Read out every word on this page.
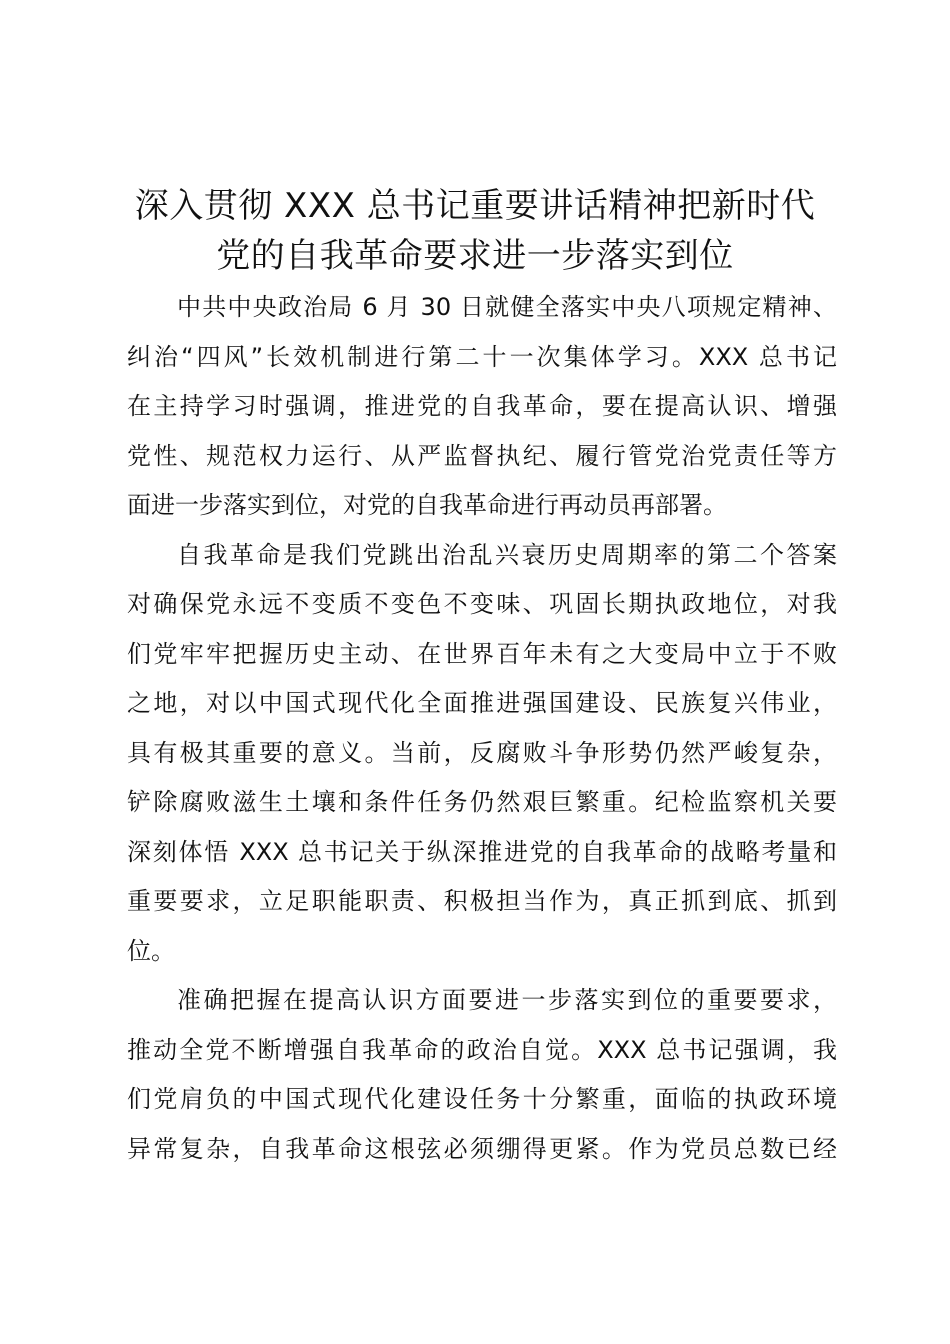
深入贯彻 XXX 总书记重要讲话精神把新时代
党的自我革命要求进一步落实到位

中共中央政治局 6 月 30 日就健全落实中央八项规定精神、
纠治“四风”长效机制进行第二十一次集体学习。XXX 总书记
在主持学习时强调，推进党的自我革命，要在提高认识、增强
党性、规范权力运行、从严监督执纪、履行管党治党责任等方
面进一步落实到位，对党的自我革命进行再动员再部署。

自我革命是我们党跳出治乱兴衰历史周期率的第二个答案
对确保党永远不变质不变色不变味、巩固长期执政地位，对我
们党牢牢把握历史主动、在世界百年未有之大变局中立于不败
之地，对以中国式现代化全面推进强国建设、民族复兴伟业，
具有极其重要的意义。当前，反腐败斗争形势仍然严峻复杂，
铲除腐败滋生土壤和条件任务仍然艰巨繁重。纪检监察机关要
深刻体悟 XXX 总书记关于纵深推进党的自我革命的战略考量和
重要要求，立足职能职责、积极担当作为，真正抓到底、抓到
位。

准确把握在提高认识方面要进一步落实到位的重要要求，
推动全党不断增强自我革命的政治自觉。XXX 总书记强调，我
们党肩负的中国式现代化建设任务十分繁重，面临的执政环境
异常复杂，自我革命这根弦必须绷得更紧。作为党员总数已经
